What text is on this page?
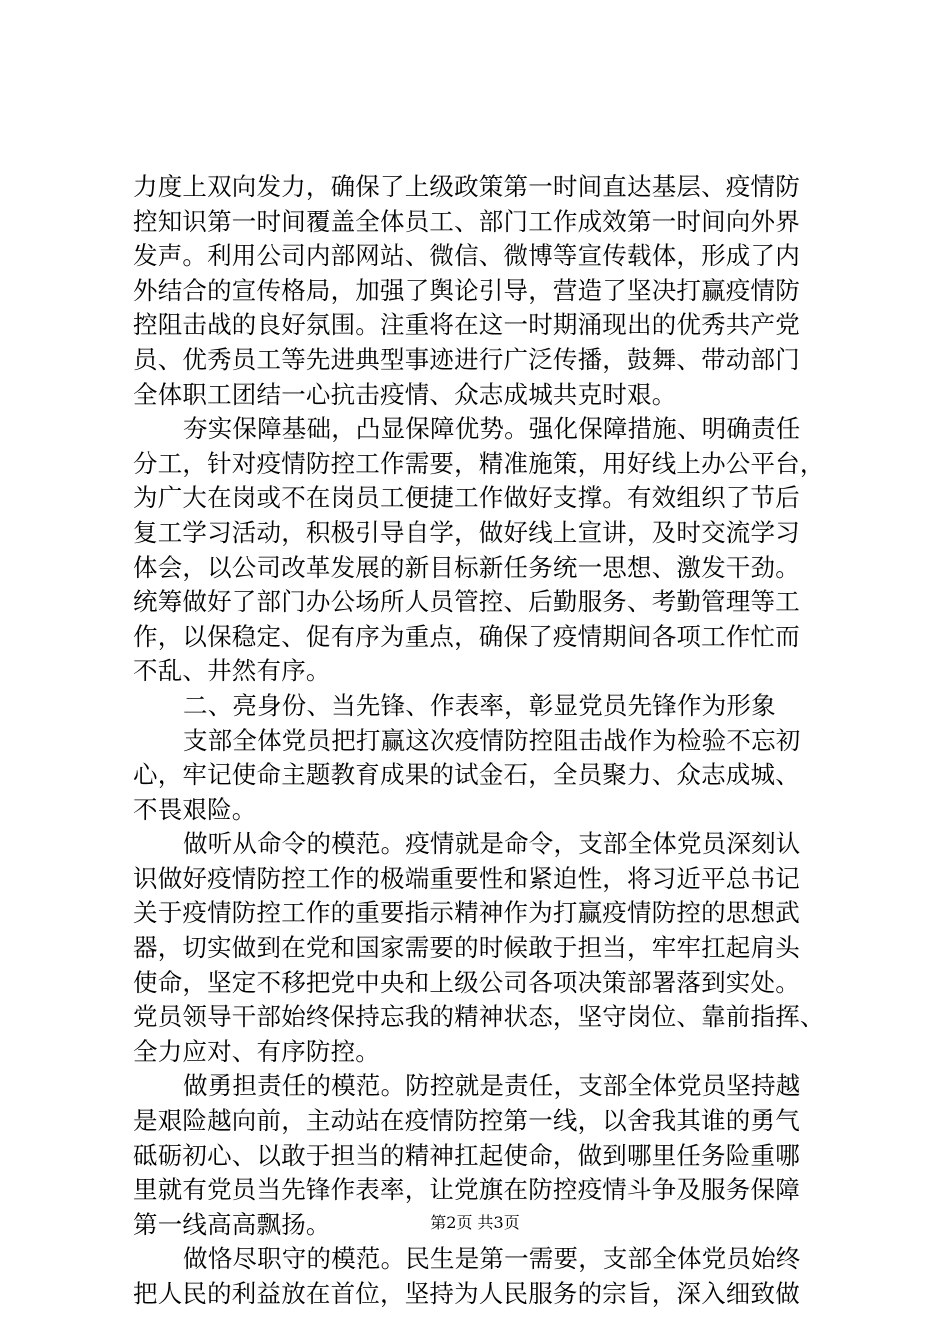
力度上双向发力，确保了上级政策第一时间直达基层、疫情防
控知识第一时间覆盖全体员工、部门工作成效第一时间向外界
发声。利用公司内部网站、微信、微博等宣传载体，形成了内
外结合的宣传格局，加强了舆论引导，营造了坚决打赢疫情防
控阻击战的良好氛围。注重将在这一时期涌现出的优秀共产党
员、优秀员工等先进典型事迹进行广泛传播，鼓舞、带动部门
全体职工团结一心抗击疫情、众志成城共克时艰。
夯实保障基础，凸显保障优势。强化保障措施、明确责任
分工，针对疫情防控工作需要，精准施策，用好线上办公平台，
为广大在岗或不在岗员工便捷工作做好支撑。有效组织了节后
复工学习活动，积极引导自学，做好线上宣讲，及时交流学习
体会，以公司改革发展的新目标新任务统一思想、激发干劲。
统筹做好了部门办公场所人员管控、后勤服务、考勤管理等工
作，以保稳定、促有序为重点，确保了疫情期间各项工作忙而
不乱、井然有序。
二、亮身份、当先锋、作表率，彰显党员先锋作为形象
支部全体党员把打赢这次疫情防控阻击战作为检验不忘初
心，牢记使命主题教育成果的试金石，全员聚力、众志成城、
不畏艰险。
做听从命令的模范。疫情就是命令，支部全体党员深刻认
识做好疫情防控工作的极端重要性和紧迫性，将习近平总书记
关于疫情防控工作的重要指示精神作为打赢疫情防控的思想武
器，切实做到在党和国家需要的时候敢于担当，牢牢扛起肩头
使命，坚定不移把党中央和上级公司各项决策部署落到实处。
党员领导干部始终保持忘我的精神状态，坚守岗位、靠前指挥、
全力应对、有序防控。
做勇担责任的模范。防控就是责任，支部全体党员坚持越
是艰险越向前，主动站在疫情防控第一线，以舍我其谁的勇气
砥砺初心、以敢于担当的精神扛起使命，做到哪里任务险重哪
里就有党员当先锋作表率，让党旗在防控疫情斗争及服务保障
第一线高高飘扬。
做恪尽职守的模范。民生是第一需要，支部全体党员始终
把人民的利益放在首位，坚持为人民服务的宗旨，深入细致做
第2页 共3页
